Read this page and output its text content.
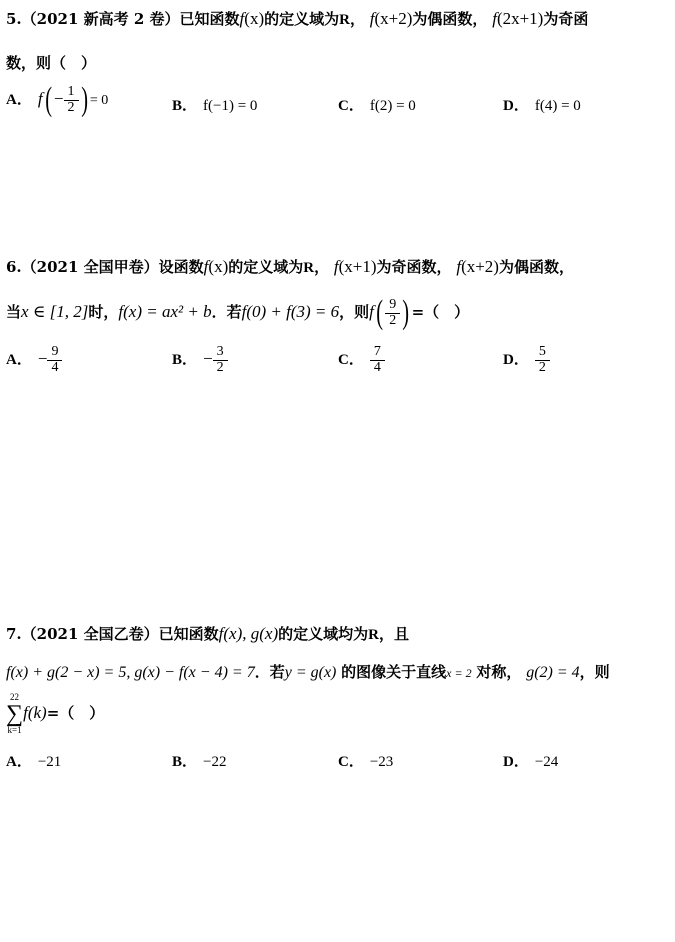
5.（2021 新高考 2 卷）已知函数f(x)的定义域为R， f(x+2)为偶函数， f(2x+1)为奇函
数，则（　）
A． $f( - \frac{1}{2}$ ) = 0	B． f(−1) = 0	C． f(2) = 0	D． f(4) = 0
6.（2021 全国甲卷）设函数f(x)的定义域为R， f(x+1)为奇函数， f(x+2)为偶函数，
当x ∈ [1, 2]时，f(x) = ax² + b．若f(0) + f(3) = 6，则$f( \frac{9}{2}$ ) =（　）
A． − $\frac{9}{4}$	B． − $\frac{3}{2}$	C． $\frac{7}{4}$	D． $\frac{5}{2}$
7.（2021 全国乙卷）已知函数f(x), g(x)的定义域均为R，且
f(x) + g(2 − x) = 5, g(x) − f(x − 4) = 7．若y = g(x) 的图像关于直线x = 2 对称， g(2) = 4，则
22
∑
k=1
f(k)=（　）
A． −21	B． −22	C． −23	D． −24
